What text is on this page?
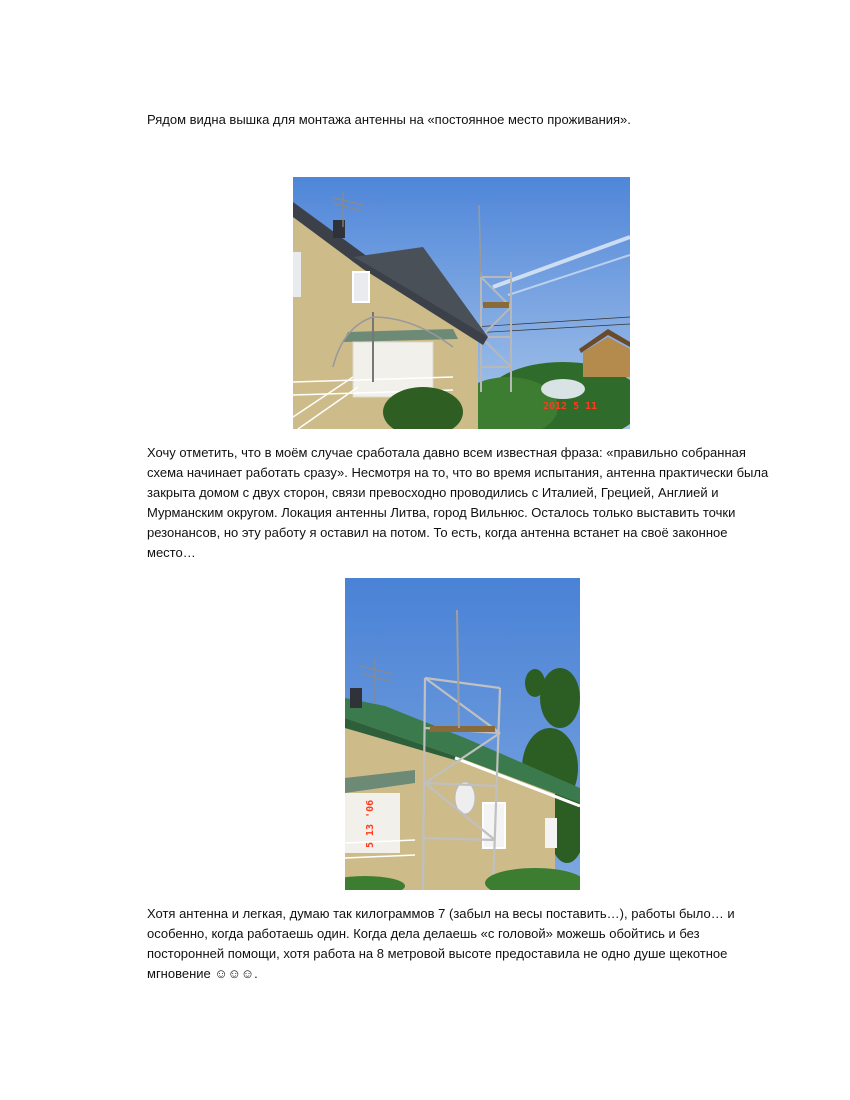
Рядом видна вышка для монтажа антенны на «постоянное место проживания».
2012 5 11
Хочу отметить, что в моём случае сработала давно всем известная фраза: «правильно собранная
схема начинает работать сразу». Несмотря на то, что во время испытания, антенна практически была
закрыта домом с двух сторон, связи превосходно проводились с Италией, Грецией, Англией и
Мурманским округом. Локация антенны Литва, город Вильнюс. Осталось только выставить точки
резонансов, но эту работу я оставил на потом. То есть, когда антенна встанет на своё законное
место…
5 13 '06
Хотя антенна и легкая, думаю так килограммов 7 (забыл на весы поставить…), работы было… и
особенно, когда работаешь один. Когда дела делаешь «с головой» можешь обойтись и без
посторонней помощи, хотя работа на 8 метровой высоте предоставила не одно душе щекотное
мгновение ☺☺☺.
